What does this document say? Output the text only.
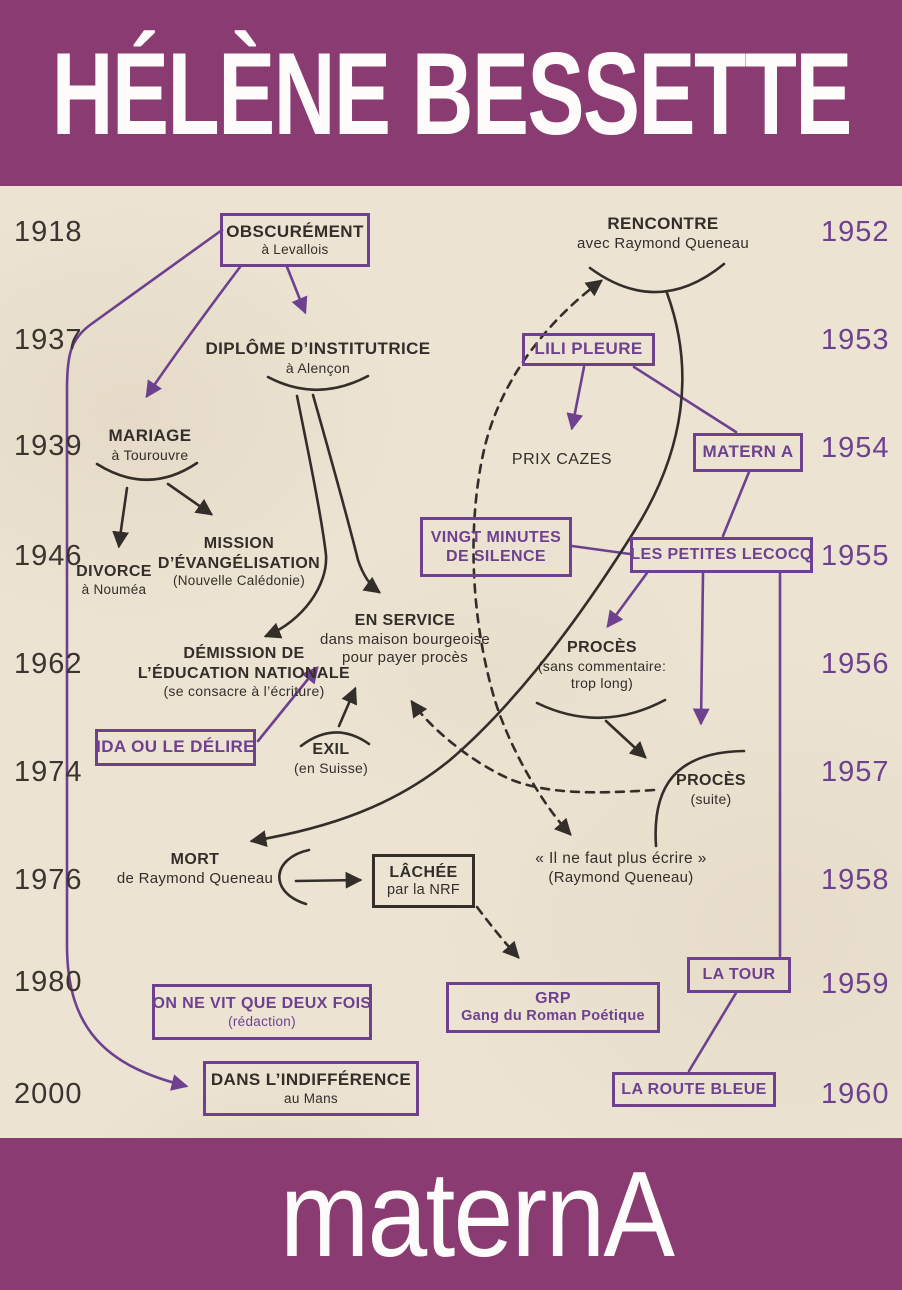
HÉLÈNE BESSETTE
1918
1937
1939
1946
1962
1974
1976
1980
2000
1952
1953
1954
1955
1956
1957
1958
1959
1960
OBSCURÉMENT
à Levallois
LILI PLEURE
MATERN A
VINGT MINUTES
DE SILENCE	LES PETITES LECOCQ
IDA OU LE DÉLIRE
LÂCHÉE
par la NRF
ON NE VIT QUE DEUX FOIS
(rédaction)
GRP
Gang du Roman Poétique
LA TOUR
DANS L’INDIFFÉRENCE
au Mans
LA ROUTE BLEUE
RENCONTRE
avec Raymond Queneau
DIPLÔME D’INSTITUTRICE
à Alençon
MARIAGE
à Tourouvre
DIVORCE
à Nouméa
MISSION
D’ÉVANGÉLISATION
(Nouvelle Calédonie)
PRIX CAZES
EN SERVICE
dans maison bourgeoise
pour payer procès
DÉMISSION DE
L’ÉDUCATION NATIONALE
(se consacre à l’écriture)
EXIL
(en Suisse)
PROCÈS
(sans commentaire:
trop long)
PROCÈS
(suite)
MORT
de Raymond Queneau
« Il ne faut plus écrire »
(Raymond Queneau)
maternA
